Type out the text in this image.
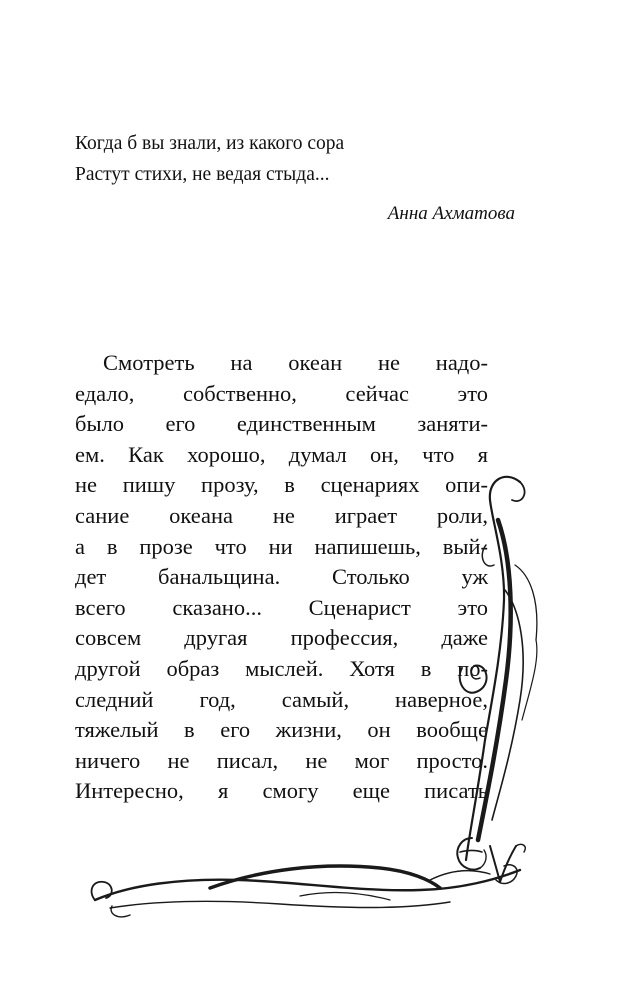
Когда б вы знали, из какого сора
Растут стихи, не ведая стыда...
Анна Ахматова
Смотреть на океан не надо-
едало, собственно, сейчас это
было его единственным заняти-
ем. Как хорошо, думал он, что я
не пишу прозу, в сценариях опи-
сание океана не играет роли,
а в прозе что ни напишешь, вый-
дет банальщина. Столько уж
всего сказано... Сценарист это
совсем другая профессия, даже
другой образ мыслей. Хотя в по-
следний год, самый, наверное,
тяжелый в его жизни, он вообще
ничего не писал, не мог просто.
Интересно, я смогу еще писать
